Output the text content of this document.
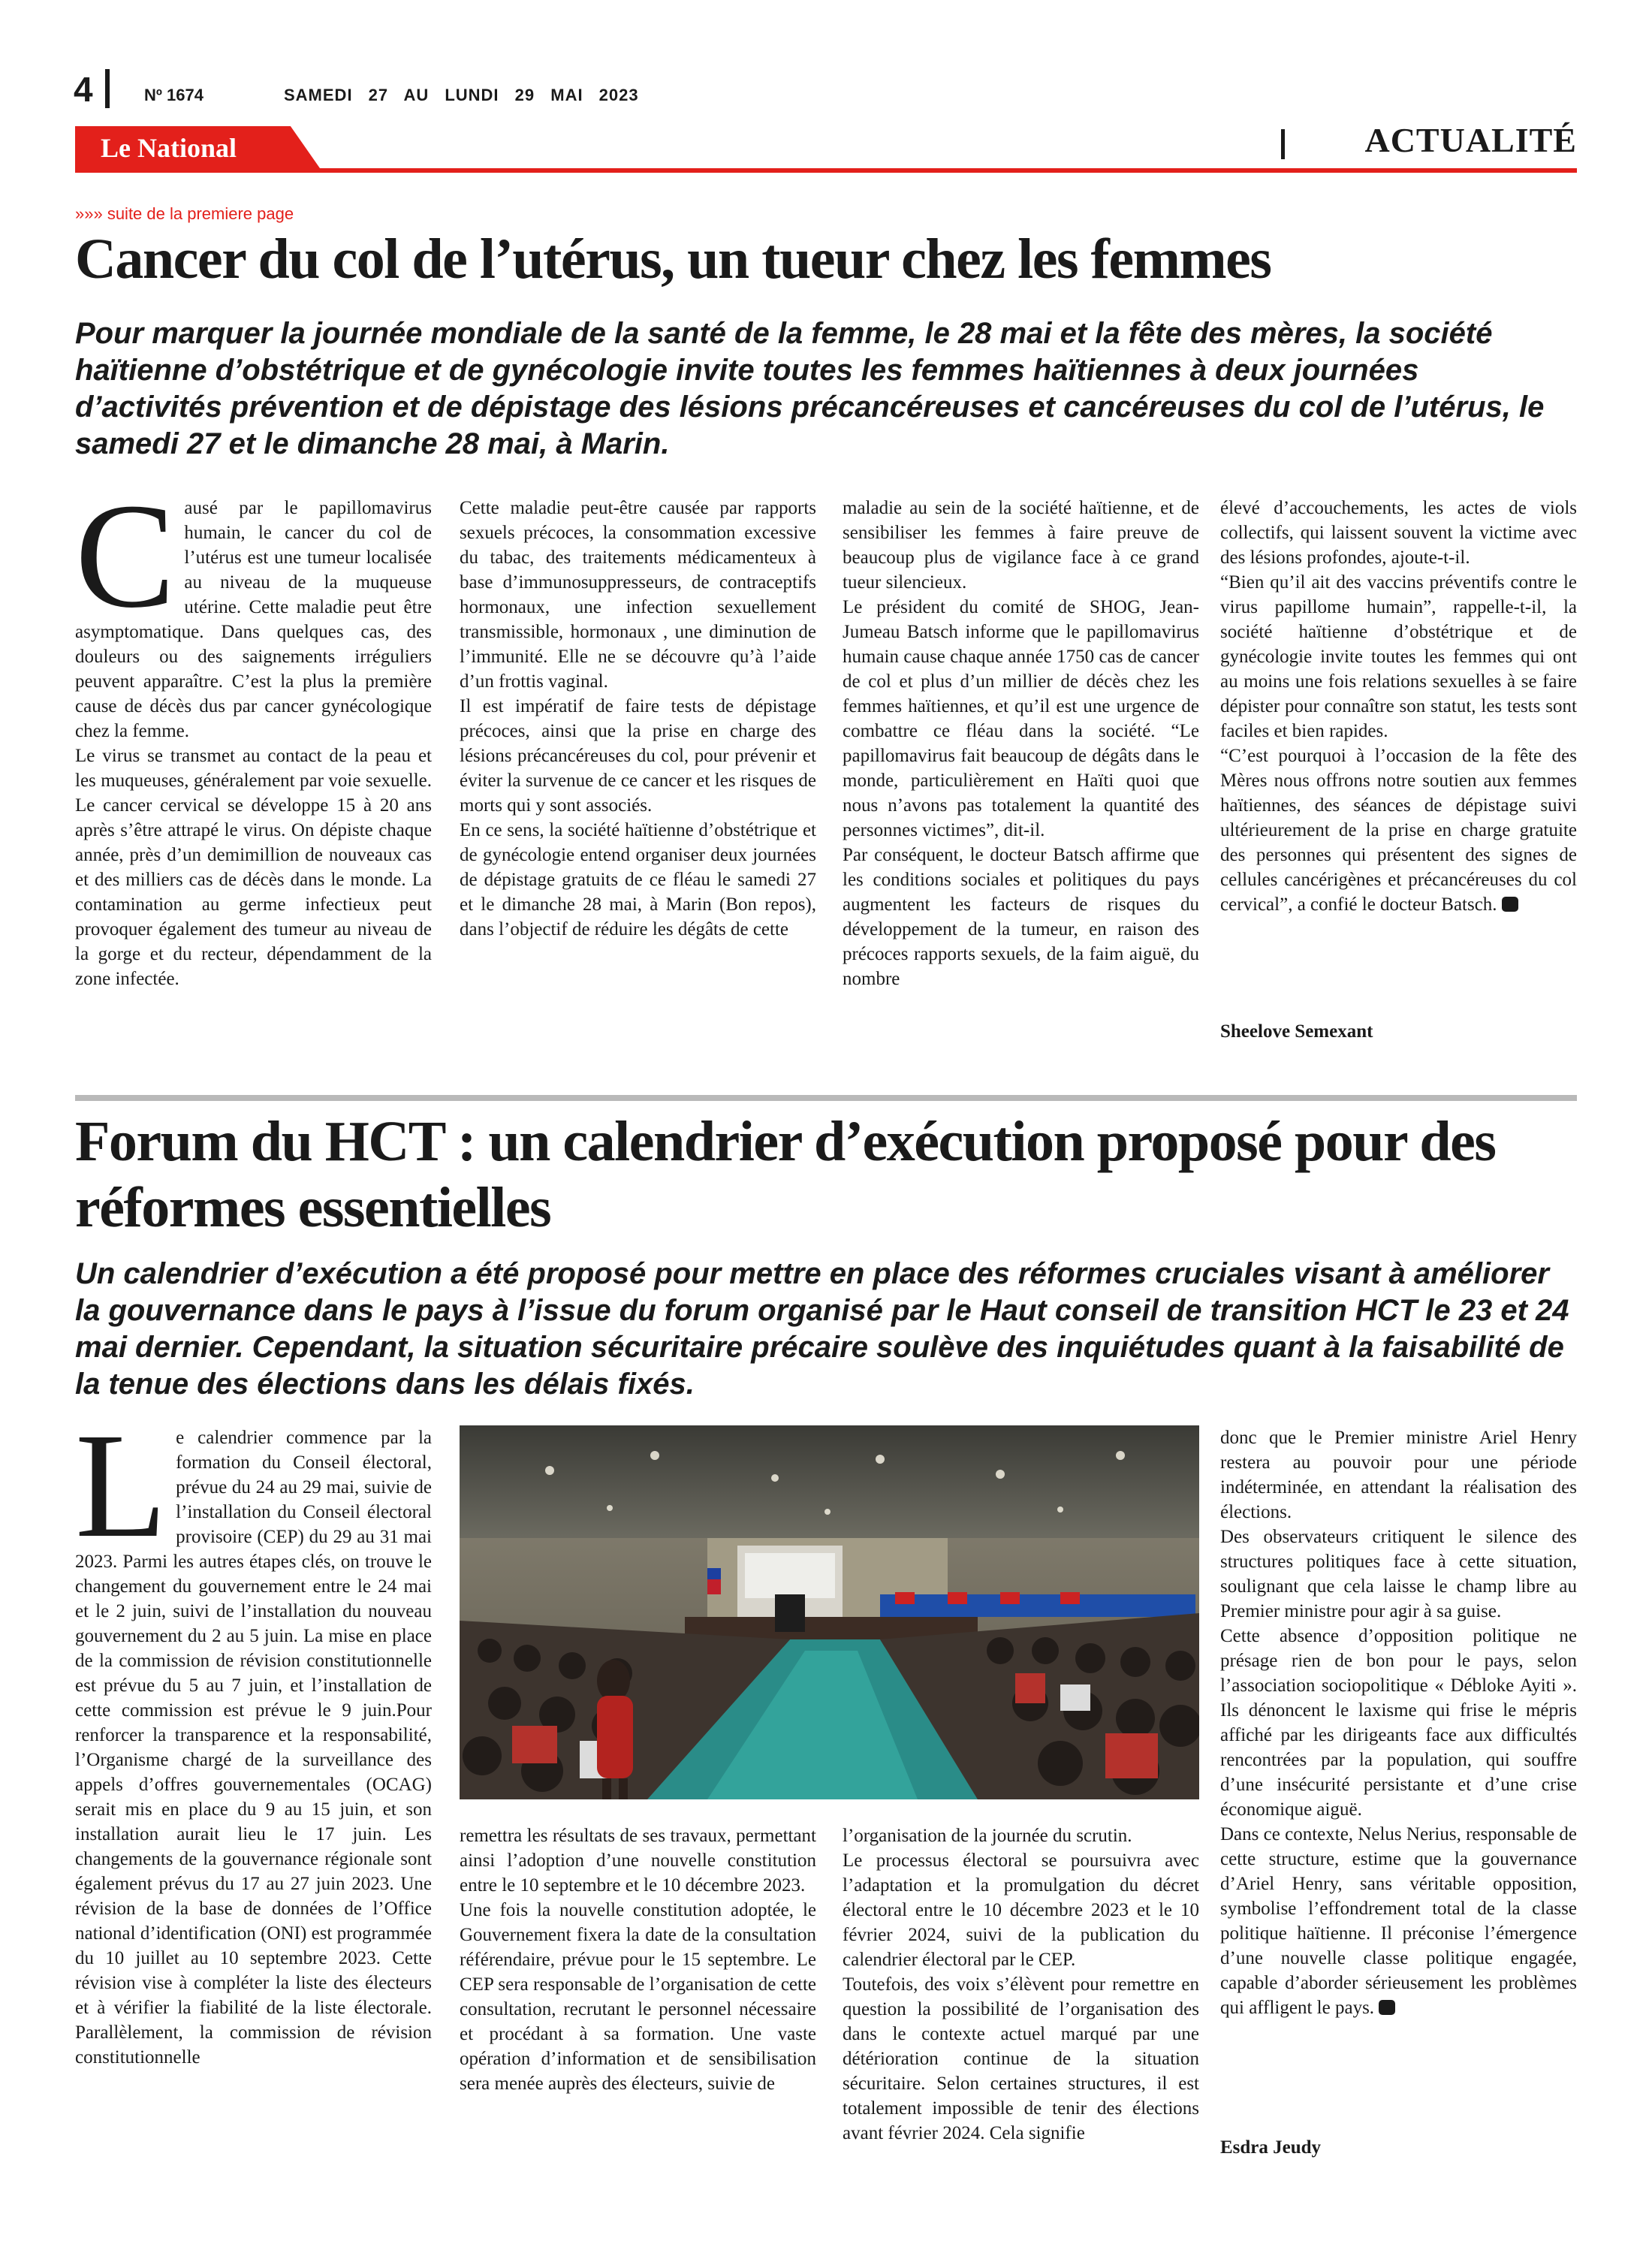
4	Nº 1674	SAMEDI 27 AU LUNDI 29 MAI 2023
Le National	ACTUALITÉ
»»» suite de la premiere page
Cancer du col de l’utérus, un tueur chez les femmes
Pour marquer la journée mondiale de la santé de la femme, le 28 mai et la fête des mères, la société haïtienne d’obstétrique et de gynécologie invite toutes les femmes haïtiennes à deux journées d’activités prévention et de dépistage des lésions précancéreuses et cancéreuses du col de l’utérus, le samedi 27 et le dimanche 28 mai, à Marin.
C ausé par le papillomavirus humain, le cancer du col de l’utérus est une tumeur localisée au niveau de la muqueuse utérine. Cette maladie peut être asymptomatique. Dans quelques cas, des douleurs ou des saignements irréguliers peuvent apparaître. C’est la plus la première cause de décès dus par cancer gynécologique chez la femme.

Le virus se transmet au contact de la peau et les muqueuses, généralement par voie sexuelle. Le cancer cervical se développe 15 à 20 ans après s’être attrapé le virus. On dépiste chaque année, près d’un demimillion de nouveaux cas et des milliers cas de décès dans le monde. La contamination au germe infectieux peut provoquer également des tumeur au niveau de la gorge et du recteur, dépendamment de la zone infectée.

Cette maladie peut-être causée par rapports sexuels précoces, la consommation excessive du tabac, des traitements médicamenteux à base d’immunosuppresseurs, de contraceptifs hormonaux, une infection sexuellement transmissible, hormonaux , une diminution de l’immunité. Elle ne se découvre qu’à l’aide d’un frottis vaginal.

Il est impératif de faire tests de dépistage précoces, ainsi que la prise en charge des lésions précancéreuses du col, pour prévenir et éviter la survenue de ce cancer et les risques de morts qui y sont associés.

En ce sens, la société haïtienne d’obstétrique et de gynécologie entend organiser deux journées de dépistage gratuits de ce fléau le samedi 27 et le dimanche 28 mai, à Marin (Bon repos), dans l’objectif de réduire les dégâts de cette

maladie au sein de la société haïtienne, et de sensibiliser les femmes à faire preuve de beaucoup plus de vigilance face à ce grand tueur silencieux.

Le président du comité de SHOG, Jean-Jumeau Batsch informe que le papillomavirus humain cause chaque année 1750 cas de cancer de col et plus d’un millier de décès chez les femmes haïtiennes, et qu’il est une urgence de combattre ce fléau dans la société. “Le papillomavirus fait beaucoup de dégâts dans le monde, particulièrement en Haïti quoi que nous n’avons pas totalement la quantité des personnes victimes”, dit-il.

Par conséquent, le docteur Batsch affirme que les conditions sociales et politiques du pays augmentent les facteurs de risques du développement de la tumeur, en raison des précoces rapports sexuels, de la faim aiguë, du nombre

élevé d’accouchements, les actes de viols collectifs, qui laissent souvent la victime avec des lésions profondes, ajoute-t-il.

“Bien qu’il ait des vaccins préventifs contre le virus papillome humain”, rappelle-t-il, la société haïtienne d’obstétrique et de gynécologie invite toutes les femmes qui ont au moins une fois relations sexuelles à se faire dépister pour connaître son statut, les tests sont faciles et bien rapides.

“C’est pourquoi à l’occasion de la fête des Mères nous offrons notre soutien aux femmes haïtiennes, des séances de dépistage suivi ultérieurement de la prise en charge gratuite des personnes qui présentent des signes de cellules cancérigènes et précancéreuses du col cervical”, a confié le docteur Batsch.

Sheelove Semexant
Forum du HCT : un calendrier d’exécution proposé pour des réformes essentielles
Un calendrier d’exécution a été proposé pour mettre en place des réformes cruciales visant à améliorer la gouvernance dans le pays à l’issue du forum organisé par le Haut conseil de transition HCT le 23 et 24 mai dernier. Cependant, la situation sécuritaire précaire soulève des inquiétudes quant à la faisabilité de la tenue des élections dans les délais fixés.
L e calendrier commence par la formation du Conseil électoral, prévue du 24 au 29 mai, suivie de l’installation du Conseil électoral provisoire (CEP) du 29 au 31 mai 2023. Parmi les autres étapes clés, on trouve le changement du gouvernement entre le 24 mai et le 2 juin, suivi de l’installation du nouveau gouvernement du 2 au 5 juin. La mise en place de la commission de révision constitutionnelle est prévue du 5 au 7 juin, et l’installation de cette commission est prévue le 9 juin.Pour renforcer la transparence et la responsabilité, l’Organisme chargé de la surveillance des appels d’offres gouvernementales (OCAG) serait mis en place du 9 au 15 juin, et son installation aurait lieu le 17 juin. Les changements de la gouvernance régionale sont également prévus du 17 au 27 juin 2023. Une révision de la base de données de l’Office national d’identification (ONI) est programmée du 10 juillet au 10 septembre 2023. Cette révision vise à compléter la liste des électeurs et à vérifier la fiabilité de la liste électorale. Parallèlement, la commission de révision constitutionnelle

remettra les résultats de ses travaux, permettant ainsi l’adoption d’une nouvelle constitution entre le 10 septembre et le 10 décembre 2023.

Une fois la nouvelle constitution adoptée, le Gouvernement fixera la date de la consultation référendaire, prévue pour le 15 septembre. Le CEP sera responsable de l’organisation de cette consultation, recrutant le personnel nécessaire et procédant à sa formation. Une vaste opération d’information et de sensibilisation sera menée auprès des électeurs, suivie de

l’organisation de la journée du scrutin.

Le processus électoral se poursuivra avec l’adaptation et la promulgation du décret électoral entre le 10 décembre 2023 et le 10 février 2024, suivi de la publication du calendrier électoral par le CEP.

Toutefois, des voix s’élèvent pour remettre en question la possibilité de l’organisation des dans le contexte actuel marqué par une détérioration continue de la situation sécuritaire. Selon certaines structures, il est totalement impossible de tenir des élections avant février 2024. Cela signifie

donc que le Premier ministre Ariel Henry restera au pouvoir pour une période indéterminée, en attendant la réalisation des élections.

Des observateurs critiquent le silence des structures politiques face à cette situation, soulignant que cela laisse le champ libre au Premier ministre pour agir à sa guise.

Cette absence d’opposition politique ne présage rien de bon pour le pays, selon l’association sociopolitique « Débloke Ayiti ». Ils dénoncent le laxisme qui frise le mépris affiché par les dirigeants face aux difficultés rencontrées par la population, qui souffre d’une insécurité persistante et d’une crise économique aiguë.

Dans ce contexte, Nelus Nerius, responsable de cette structure, estime que la gouvernance d’Ariel Henry, sans véritable opposition, symbolise l’effondrement total de la classe politique haïtienne. Il préconise l’émergence d’une nouvelle classe politique engagée, capable d’aborder sérieusement les problèmes qui affligent le pays.

Esdra Jeudy
